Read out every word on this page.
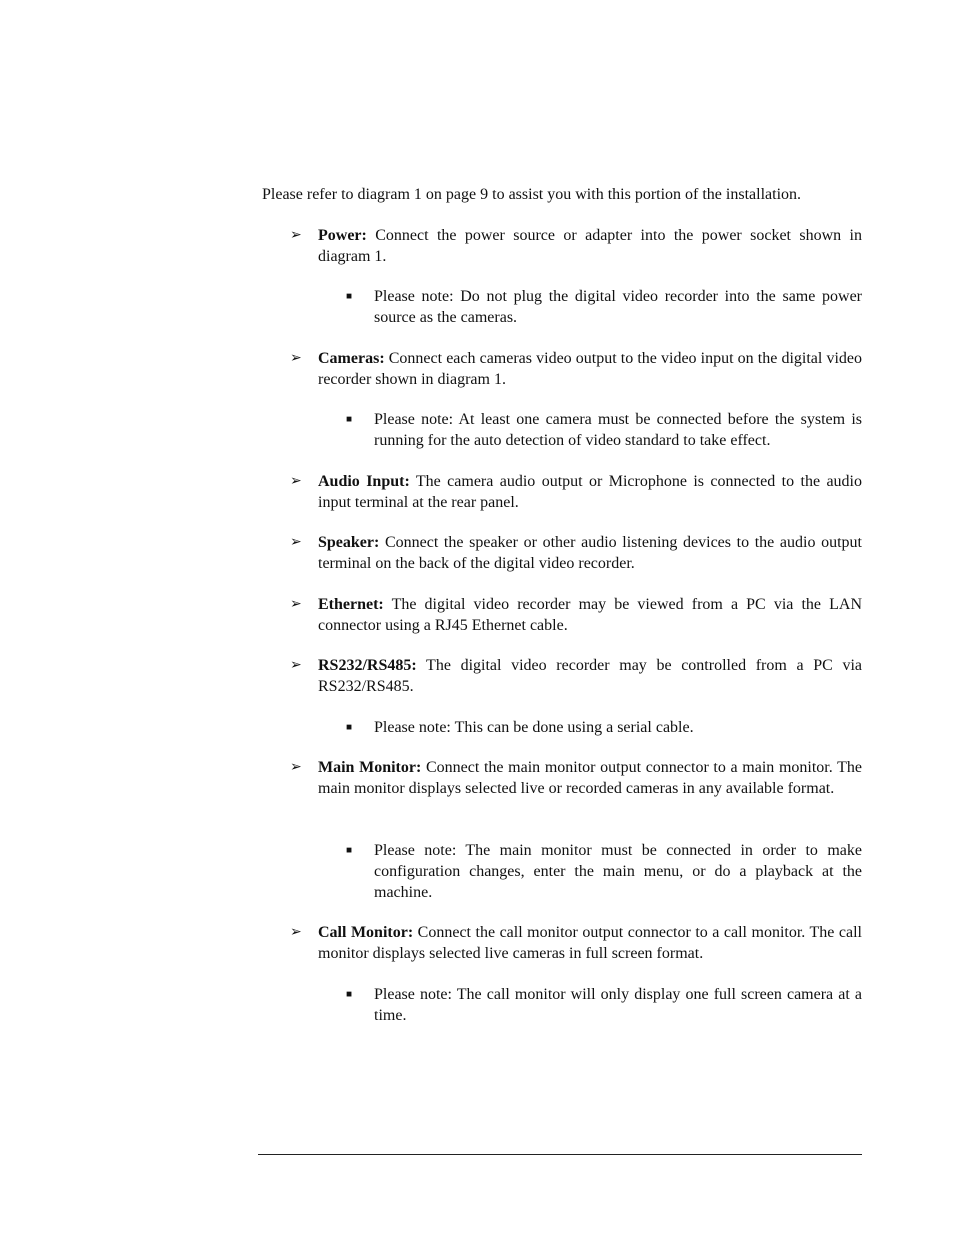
Please refer to diagram 1 on page 9 to assist you with this portion of the installation.

➢	Power: Connect the power source or adapter into the power socket shown in diagram 1.
■ Please note: Do not plug the digital video recorder into the same power source as the cameras.
➢	Cameras: Connect each cameras video output to the video input on the digital video recorder shown in diagram 1.
■ Please note: At least one camera must be connected before the system is running for the auto detection of video standard to take effect.
➢	Audio Input: The camera audio output or Microphone is connected to the audio input terminal at the rear panel.
➢	Speaker: Connect the speaker or other audio listening devices to the audio output terminal on the back of the digital video recorder.
➢	Ethernet: The digital video recorder may be viewed from a PC via the LAN connector using a RJ45 Ethernet cable.
➢	RS232/RS485: The digital video recorder may be controlled from a PC via RS232/RS485.
■ Please note: This can be done using a serial cable.
➢	Main Monitor: Connect the main monitor output connector to a main monitor. The main monitor displays selected live or recorded cameras in any available format.
■ Please note: The main monitor must be connected in order to make configuration changes, enter the main menu, or do a playback at the machine.
➢	Call Monitor: Connect the call monitor output connector to a call monitor. The call monitor displays selected live cameras in full screen format.
■ Please note: The call monitor will only display one full screen camera at a time.
